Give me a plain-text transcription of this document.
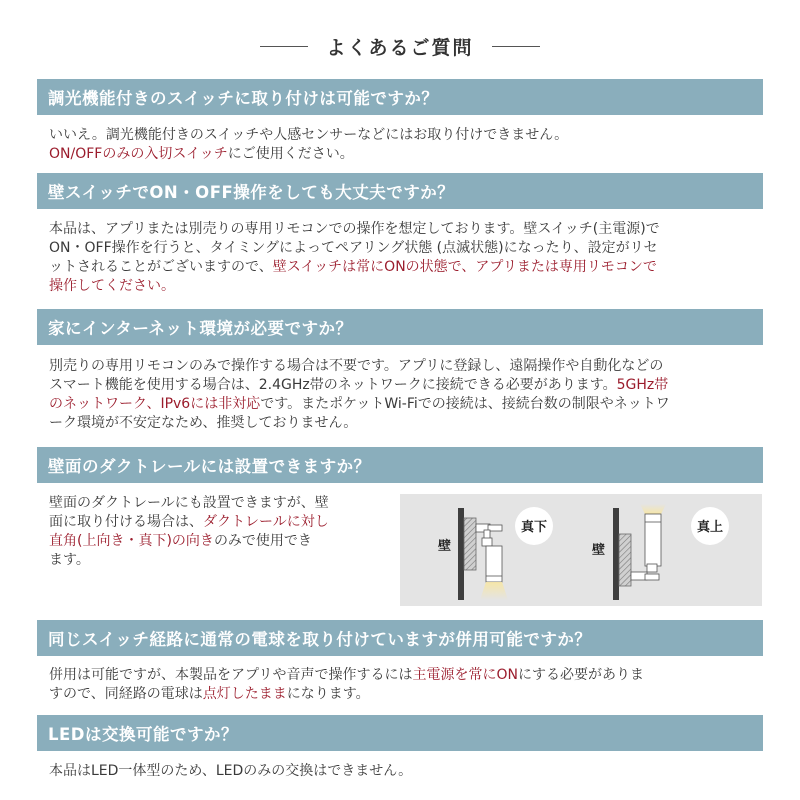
よくあるご質問
調光機能付きのスイッチに取り付けは可能ですか？
いいえ。調光機能付きのスイッチや人感センサーなどにはお取り付けできません。
ON/OFFのみの入切スイッチにご使用ください。
壁スイッチでON・OFF操作をしても大丈夫ですか？
本品は、アプリまたは別売りの専用リモコンでの操作を想定しております。壁スイッチ(主電源)で
ON・OFF操作を行うと、タイミングによってペアリング状態 (点滅状態)になったり、設定がリセ
ットされることがございますので、壁スイッチは常にONの状態で、アプリまたは専用リモコンで
操作してください。
家にインターネット環境が必要ですか？
別売りの専用リモコンのみで操作する場合は不要です。アプリに登録し、遠隔操作や自動化などの
スマート機能を使用する場合は、2.4GHz帯のネットワークに接続できる必要があります。5GHz帯
のネットワーク、IPv6には非対応です。またポケットWi-Fiでの接続は、接続台数の制限やネットワ
ーク環境が不安定なため、推奨しておりません。
壁面のダクトレールには設置できますか？
壁面のダクトレールにも設置できますが、壁
面に取り付ける場合は、ダクトレールに対し
直角(上向き・真下)の向きのみで使用でき
ます。
壁
真下
壁
真上
同じスイッチ経路に通常の電球を取り付けていますが併用可能ですか？
併用は可能ですが、本製品をアプリや音声で操作するには主電源を常にONにする必要がありま
すので、同経路の電球は点灯したままになります。
LEDは交換可能ですか？
本品はLED一体型のため、LEDのみの交換はできません。
